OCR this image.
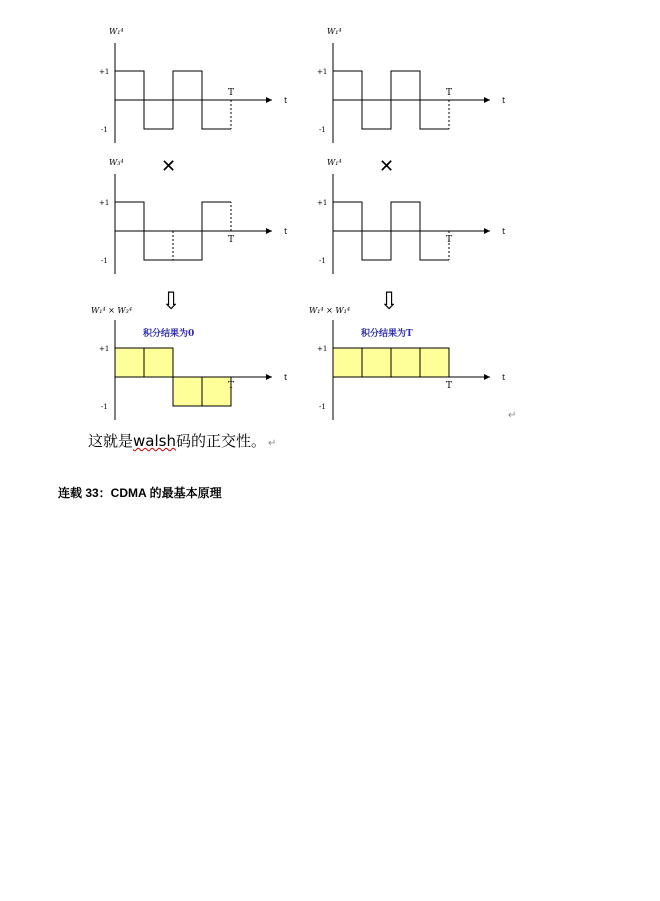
+1
-1
t
T
W₁⁴
+1
-1
t
T
W₃⁴
+1
-1
t
T
W₁⁴ × W₃⁴
积分结果为0
✕
⇩
+1
-1
t
T
W₁⁴
+1
-1
t
T
W₁⁴
+1
-1
t
T
W₁⁴ × W₁⁴
积分结果为T
✕
⇩
这就是walsh码的正交性。 ↵
↵
连载 33：CDMA 的最基本原理
